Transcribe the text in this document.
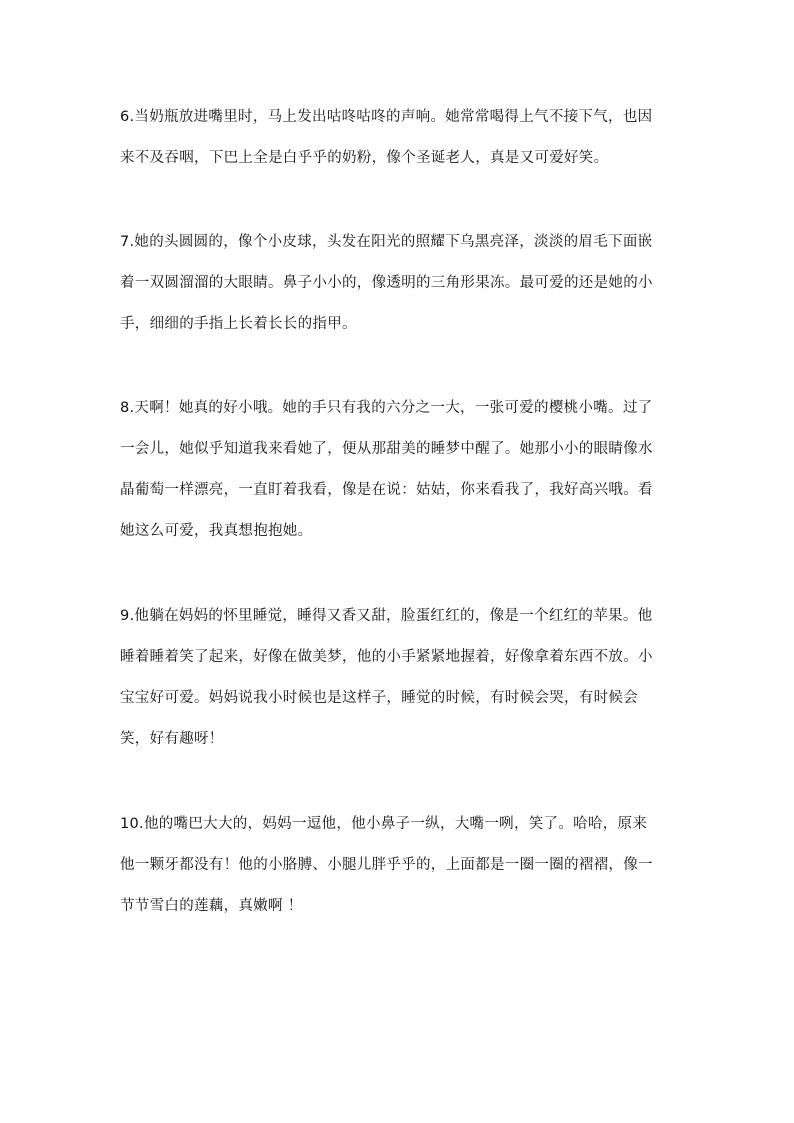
6.当奶瓶放进嘴里时，马上发出咕咚咕咚的声响。她常常喝得上气不接下气，也因
来不及吞咽，下巴上全是白乎乎的奶粉，像个圣诞老人，真是又可爱好笑。
7.她的头圆圆的，像个小皮球，头发在阳光的照耀下乌黑亮泽，淡淡的眉毛下面嵌
着一双圆溜溜的大眼睛。鼻子小小的，像透明的三角形果冻。最可爱的还是她的小
手，细细的手指上长着长长的指甲。
8.天啊！她真的好小哦。她的手只有我的六分之一大，一张可爱的樱桃小嘴。过了
一会儿，她似乎知道我来看她了，便从那甜美的睡梦中醒了。她那小小的眼睛像水
晶葡萄一样漂亮，一直盯着我看，像是在说：姑姑，你来看我了，我好高兴哦。看
她这么可爱，我真想抱抱她。
9.他躺在妈妈的怀里睡觉，睡得又香又甜，脸蛋红红的，像是一个红红的苹果。他
睡着睡着笑了起来，好像在做美梦，他的小手紧紧地握着，好像拿着东西不放。小
宝宝好可爱。妈妈说我小时候也是这样子，睡觉的时候，有时候会哭，有时候会
笑，好有趣呀！
10.他的嘴巴大大的，妈妈一逗他，他小鼻子一纵，大嘴一咧，笑了。哈哈，原来
他一颗牙都没有！他的小胳膊、小腿儿胖乎乎的，上面都是一圈一圈的褶褶，像一
节节雪白的莲藕，真嫩啊 ！
